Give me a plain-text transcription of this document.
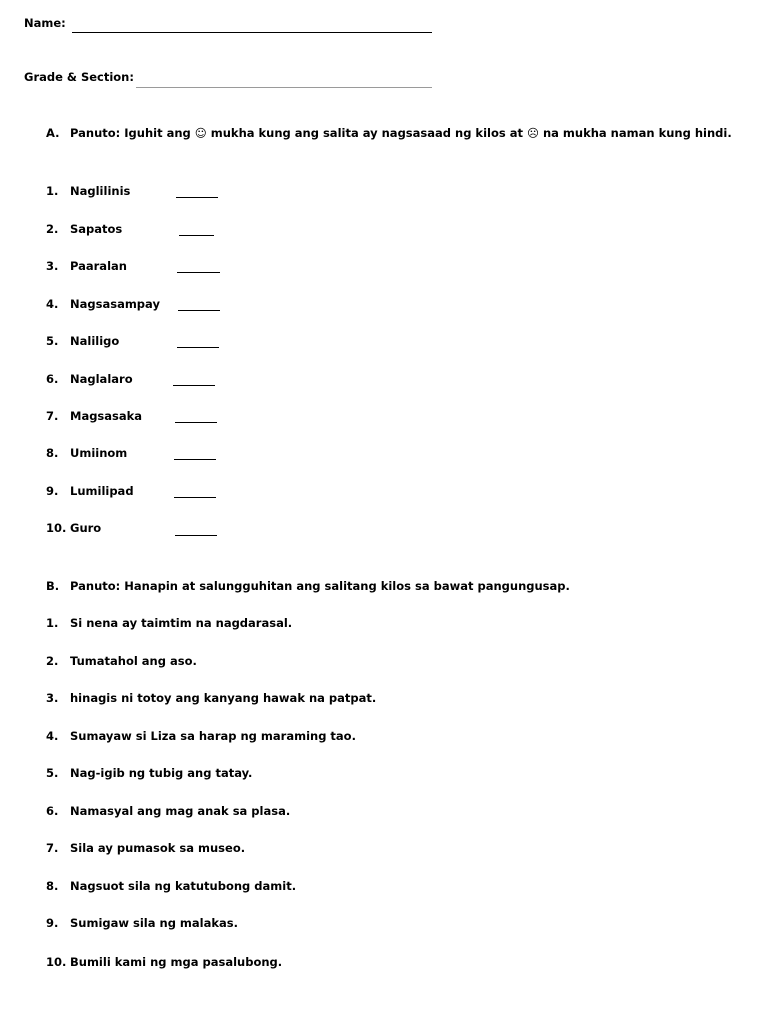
Name:
Grade & Section:
A. Panuto: Iguhit ang ☺ mukha kung ang salita ay nagsasaad ng kilos at ☹ na mukha naman kung hindi.
1. Naglilinis
2. Sapatos
3. Paaralan
4. Nagsasampay
5. Naliligo
6. Naglalaro
7. Magsasaka
8. Umiinom
9. Lumilipad
10. Guro
B. Panuto: Hanapin at salungguhitan ang salitang kilos sa bawat pangungusap.
1. Si nena ay taimtim na nagdarasal.
2. Tumatahol ang aso.
3. hinagis ni totoy ang kanyang hawak na patpat.
4. Sumayaw si Liza sa harap ng maraming tao.
5. Nag-igib ng tubig ang tatay.
6. Namasyal ang mag anak sa plasa.
7. Sila ay pumasok sa museo.
8. Nagsuot sila ng katutubong damit.
9. Sumigaw sila ng malakas.
10. Bumili kami ng mga pasalubong.
